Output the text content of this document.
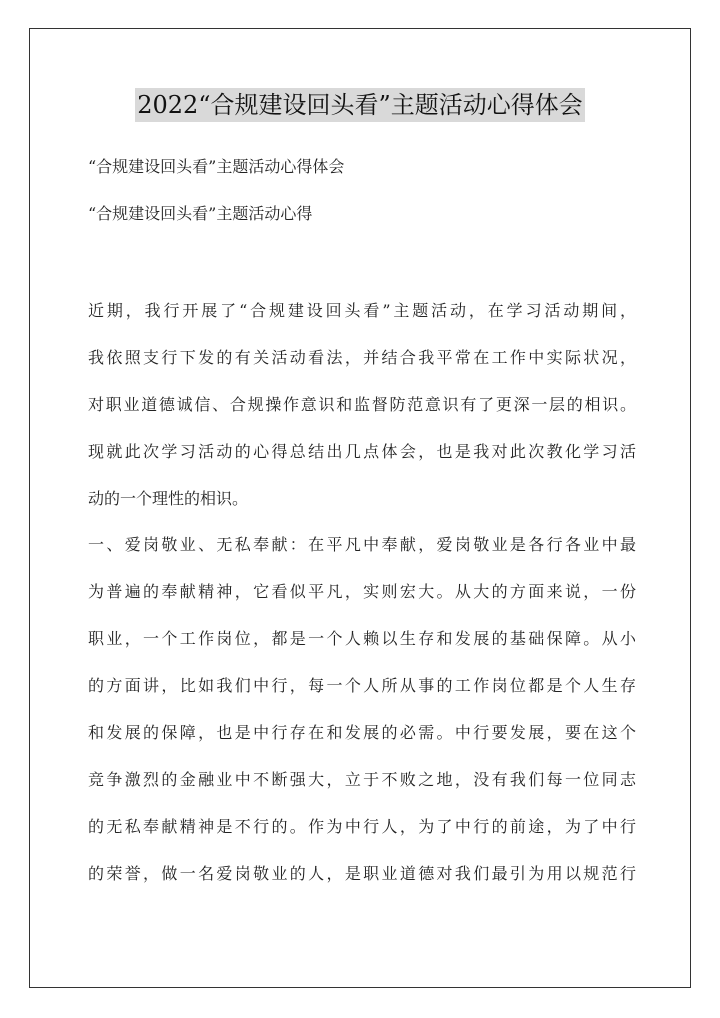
2022“合规建设回头看”主题活动心得体会
“合规建设回头看”主题活动心得体会
“合规建设回头看”主题活动心得
近期，我行开展了“合规建设回头看”主题活动，在学习活动期间，
我依照支行下发的有关活动看法，并结合我平常在工作中实际状况，
对职业道德诚信、合规操作意识和监督防范意识有了更深一层的相识。
现就此次学习活动的心得总结出几点体会，也是我对此次教化学习活
动的一个理性的相识。
一、爱岗敬业、无私奉献：在平凡中奉献，爱岗敬业是各行各业中最
为普遍的奉献精神，它看似平凡，实则宏大。从大的方面来说，一份
职业，一个工作岗位，都是一个人赖以生存和发展的基础保障。从小
的方面讲，比如我们中行，每一个人所从事的工作岗位都是个人生存
和发展的保障，也是中行存在和发展的必需。中行要发展，要在这个
竞争激烈的金融业中不断强大，立于不败之地，没有我们每一位同志
的无私奉献精神是不行的。作为中行人，为了中行的前途，为了中行
的荣誉，做一名爱岗敬业的人，是职业道德对我们最引为用以规范行
